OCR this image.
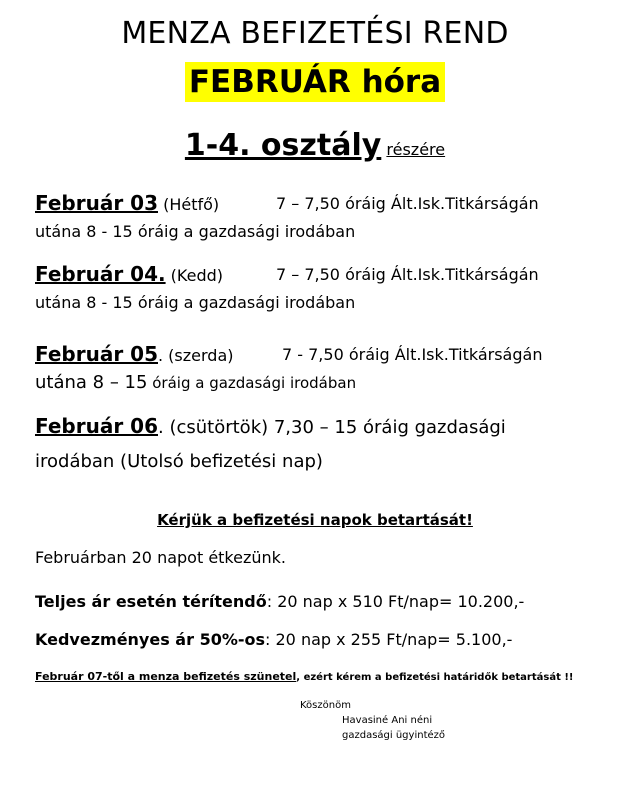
MENZA BEFIZETÉSI REND
FEBRUÁR hóra
1-4. osztály részére
Február 03 (Hétfő)	7 – 7,50 óráig Ált.Isk.Titkárságán
utána 8 - 15 óráig a gazdasági irodában
Február 04. (Kedd)	7 – 7,50 óráig Ált.Isk.Titkárságán
utána 8 - 15 óráig a gazdasági irodában
Február 05. (szerda)	7 - 7,50 óráig Ált.Isk.Titkárságán
utána 8 – 15 óráig a gazdasági irodában
Február 06. (csütörtök) 7,30 – 15 óráig gazdasági
irodában (Utolsó befizetési nap)
Kérjük a befizetési napok betartását!
Februárban 20 napot étkezünk.
Teljes ár esetén térítendő: 20 nap x 510 Ft/nap= 10.200,-
Kedvezményes ár 50%-os: 20 nap x 255 Ft/nap= 5.100,-
Február 07-től a menza befizetés szünetel, ezért kérem a befizetési határidők betartását !!
Köszönöm
Havasiné Ani néni
gazdasági ügyintéző
